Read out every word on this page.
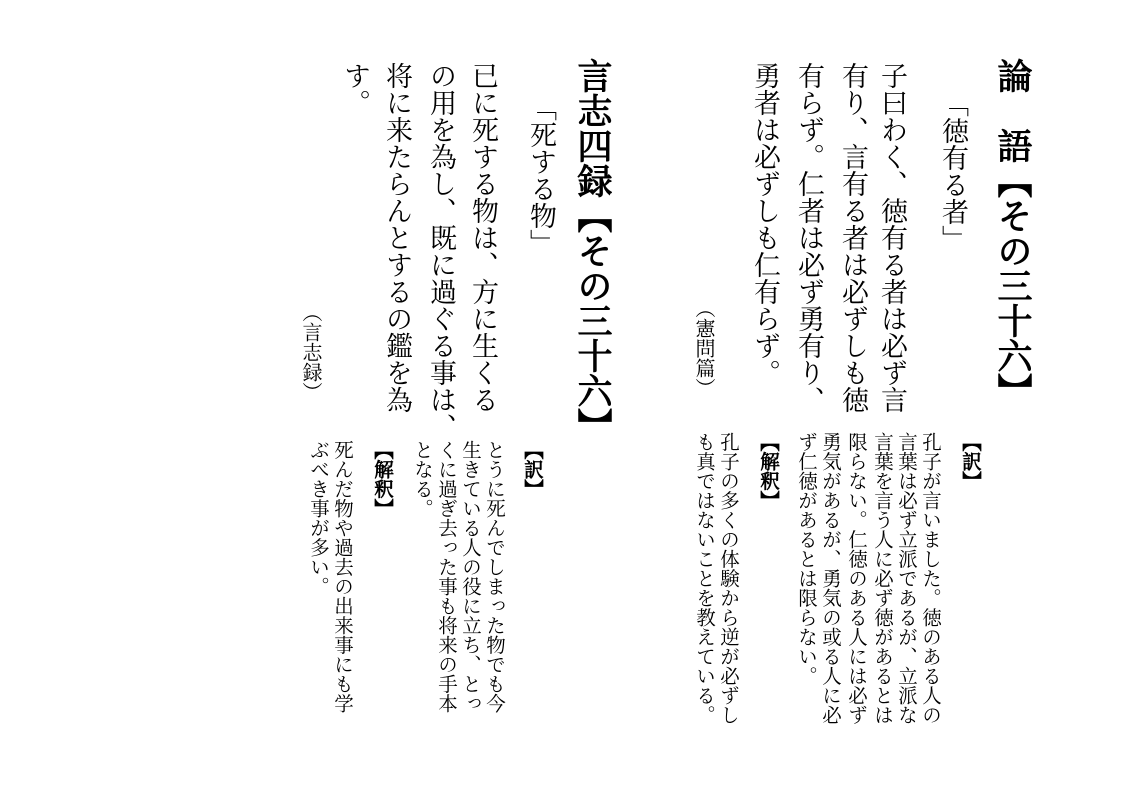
論　語【その三十六】
「徳有る者」
子曰わく、徳有る者は必ず言
有り、言有る者は必ずしも徳
有らず。仁者は必ず勇有り、
勇者は必ずしも仁有らず。
（憲問篇）
【訳】
孔子が言いました。徳のある人の
言葉は必ず立派であるが、立派な
言葉を言う人に必ず徳があるとは
限らない。仁徳のある人には必ず
勇気があるが、勇気の或る人に必
ず仁徳があるとは限らない。
【解釈】
孔子の多くの体験から逆が必ずし
も真ではないことを教えている。
言志四録【その三十六】
「死する物」
已に死する物は、方に生くる
の用を為し、既に過ぐる事は、
将に来たらんとするの鑑を為
す。
（言志録）
【訳】
とうに死んでしまった物でも今
生きている人の役に立ち、とっ
くに過ぎ去った事も将来の手本
となる。
【解釈】
死んだ物や過去の出来事にも学
ぶべき事が多い。
